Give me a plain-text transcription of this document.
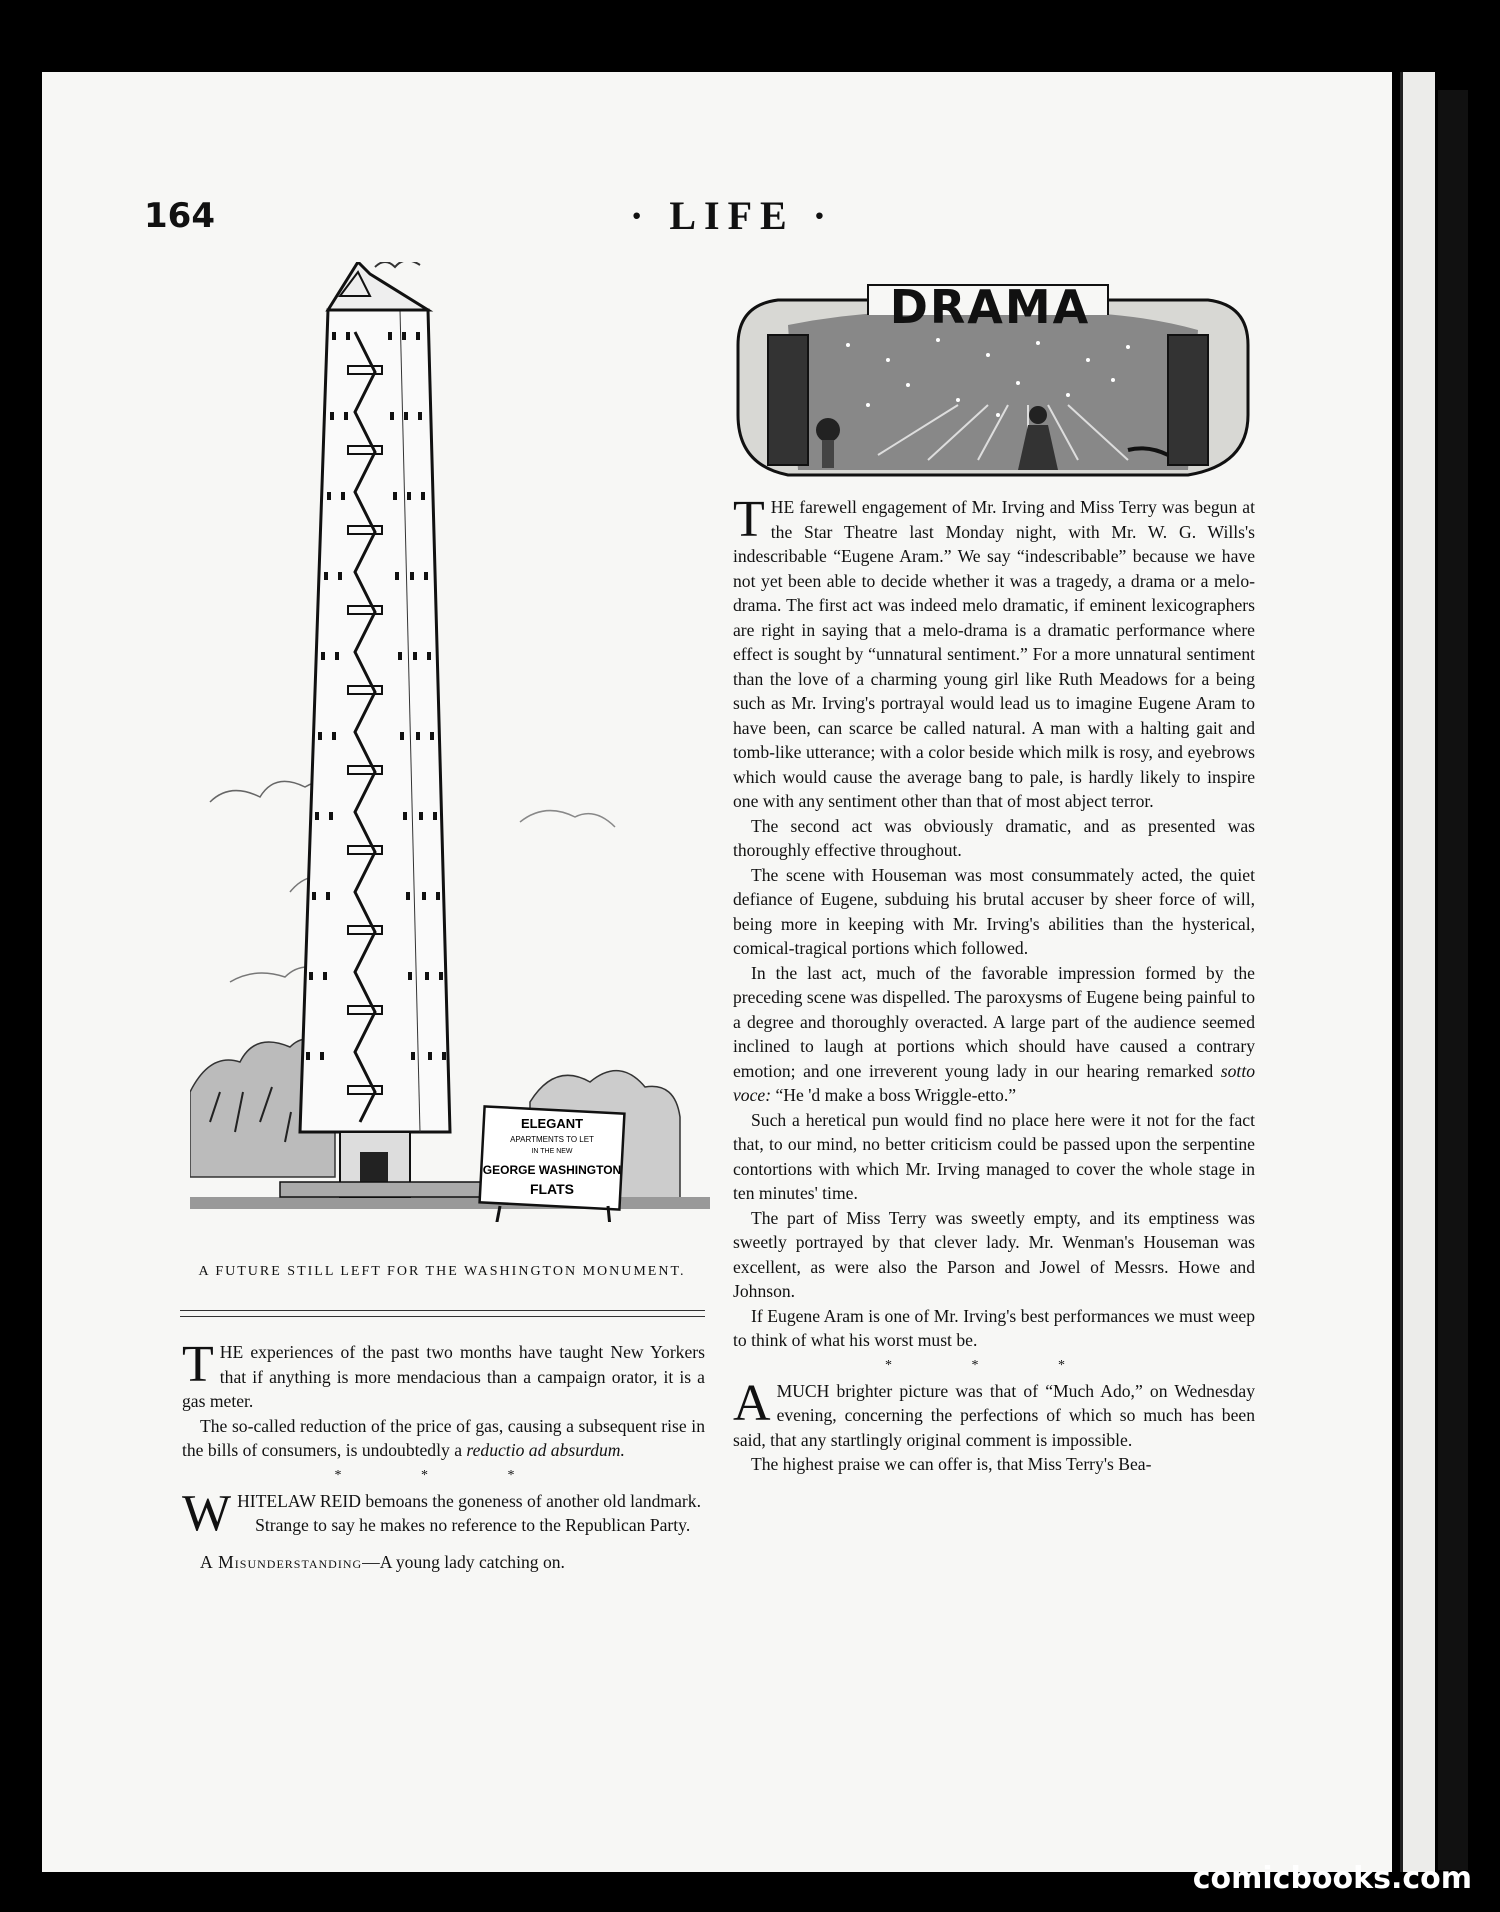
164	· LIFE ·
ELEGANT
APARTMENTS TO LET
IN THE NEW
GEORGE WASHINGTON
FLATS
A FUTURE STILL LEFT FOR THE WASHINGTON MONUMENT.

THE experiences of the past two months have taught New Yorkers that if anything is more mendacious than a campaign orator, it is a gas meter.

The so-called reduction of the price of gas, causing a subsequent rise in the bills of consumers, is undoubtedly a reductio ad absurdum.

* * *

WHITELAW REID bemoans the goneness of another old landmark.

Strange to say he makes no reference to the Republican Party.

A Misunderstanding—A young lady catching on.

DRAMA

THE farewell engagement of Mr. Irving and Miss Terry was begun at the Star Theatre last Monday night, with Mr. W. G. Wills's indescribable “Eugene Aram.” We say “indescribable” because we have not yet been able to decide whether it was a tragedy, a drama or a melo-drama. The first act was indeed melo dramatic, if eminent lexicographers are right in saying that a melo-drama is a dramatic performance where effect is sought by “unnatural sentiment.” For a more unnatural sentiment than the love of a charming young girl like Ruth Meadows for a being such as Mr. Irving's portrayal would lead us to imagine Eugene Aram to have been, can scarce be called natural. A man with a halting gait and tomb-like utterance; with a color beside which milk is rosy, and eyebrows which would cause the average bang to pale, is hardly likely to inspire one with any sentiment other than that of most abject terror.

The second act was obviously dramatic, and as presented was thoroughly effective throughout.

The scene with Houseman was most consummately acted, the quiet defiance of Eugene, subduing his brutal accuser by sheer force of will, being more in keeping with Mr. Irving's abilities than the hysterical, comical-tragical portions which followed.

In the last act, much of the favorable impression formed by the preceding scene was dispelled. The paroxysms of Eugene being painful to a degree and thoroughly overacted. A large part of the audience seemed inclined to laugh at portions which should have caused a contrary emotion; and one irreverent young lady in our hearing remarked sotto voce: “He 'd make a boss Wriggle-etto.”

Such a heretical pun would find no place here were it not for the fact that, to our mind, no better criticism could be passed upon the serpentine contortions with which Mr. Irving managed to cover the whole stage in ten minutes' time.

The part of Miss Terry was sweetly empty, and its emptiness was sweetly portrayed by that clever lady. Mr. Wenman's Houseman was excellent, as were also the Parson and Jowel of Messrs. Howe and Johnson.

If Eugene Aram is one of Mr. Irving's best performances we must weep to think of what his worst must be.

* * *

A MUCH brighter picture was that of “Much Ado,” on Wednesday evening, concerning the perfections of which so much has been said, that any startlingly original comment is impossible.

The highest praise we can offer is, that Miss Terry's Bea-

comicbooks.com
